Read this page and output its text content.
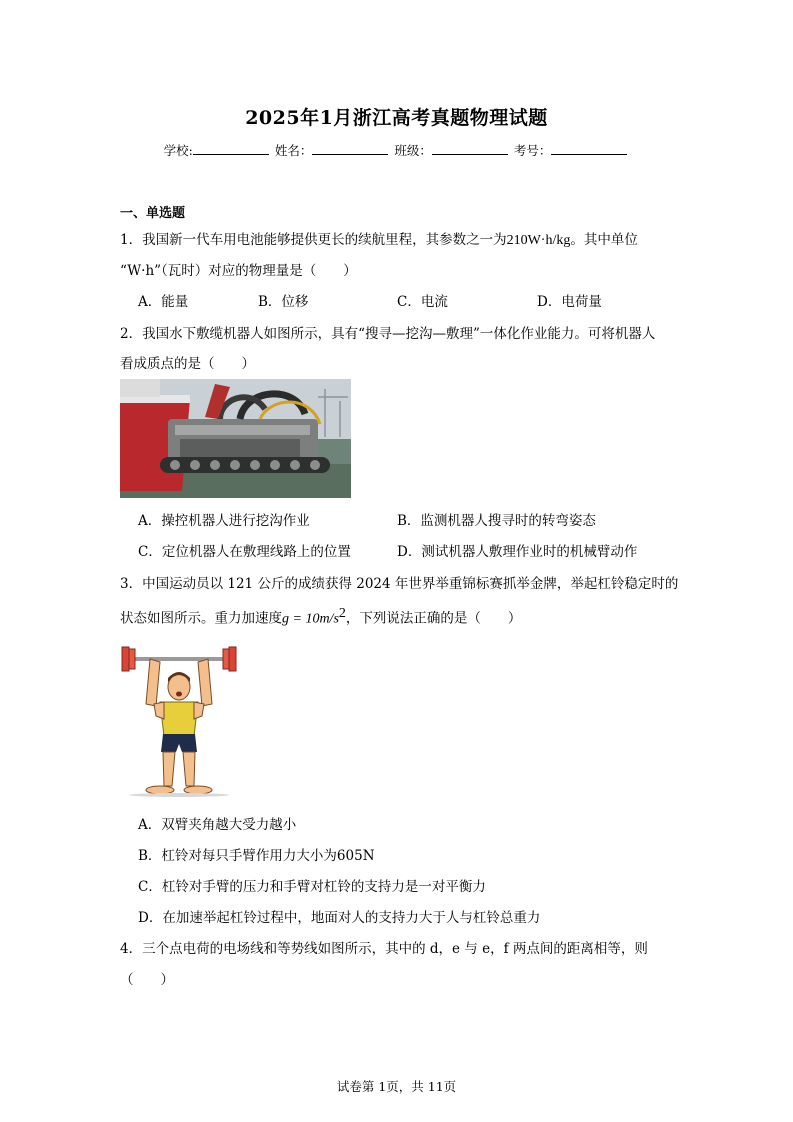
2025年1月浙江高考真题物理试题
学校:	姓名：	班级：	考号：
一、单选题
1．我国新一代车用电池能够提供更长的续航里程，其参数之一为210W·h/kg。其中单位
“W·h”（瓦时）对应的物理量是（　　）
A．能量	B．位移	C．电流	D．电荷量
2．我国水下敷缆机器人如图所示，具有“搜寻—挖沟—敷理”一体化作业能力。可将机器人
看成质点的是（　　）
A．操控机器人进行挖沟作业	B．监测机器人搜寻时的转弯姿态
C．定位机器人在敷理线路上的位置	D．测试机器人敷理作业时的机械臂动作
3．中国运动员以 121 公斤的成绩获得 2024 年世界举重锦标赛抓举金牌，举起杠铃稳定时的
状态如图所示。重力加速度$g = 10m/s^2$，下列说法正确的是（　　）
A．双臂夹角越大受力越小
B．杠铃对每只手臂作用力大小为605N
C．杠铃对手臂的压力和手臂对杠铃的支持力是一对平衡力
D．在加速举起杠铃过程中，地面对人的支持力大于人与杠铃总重力
4．三个点电荷的电场线和等势线如图所示，其中的 d，e 与 e，f 两点间的距离相等，则
（　　）
试卷第 1页，共 11页
